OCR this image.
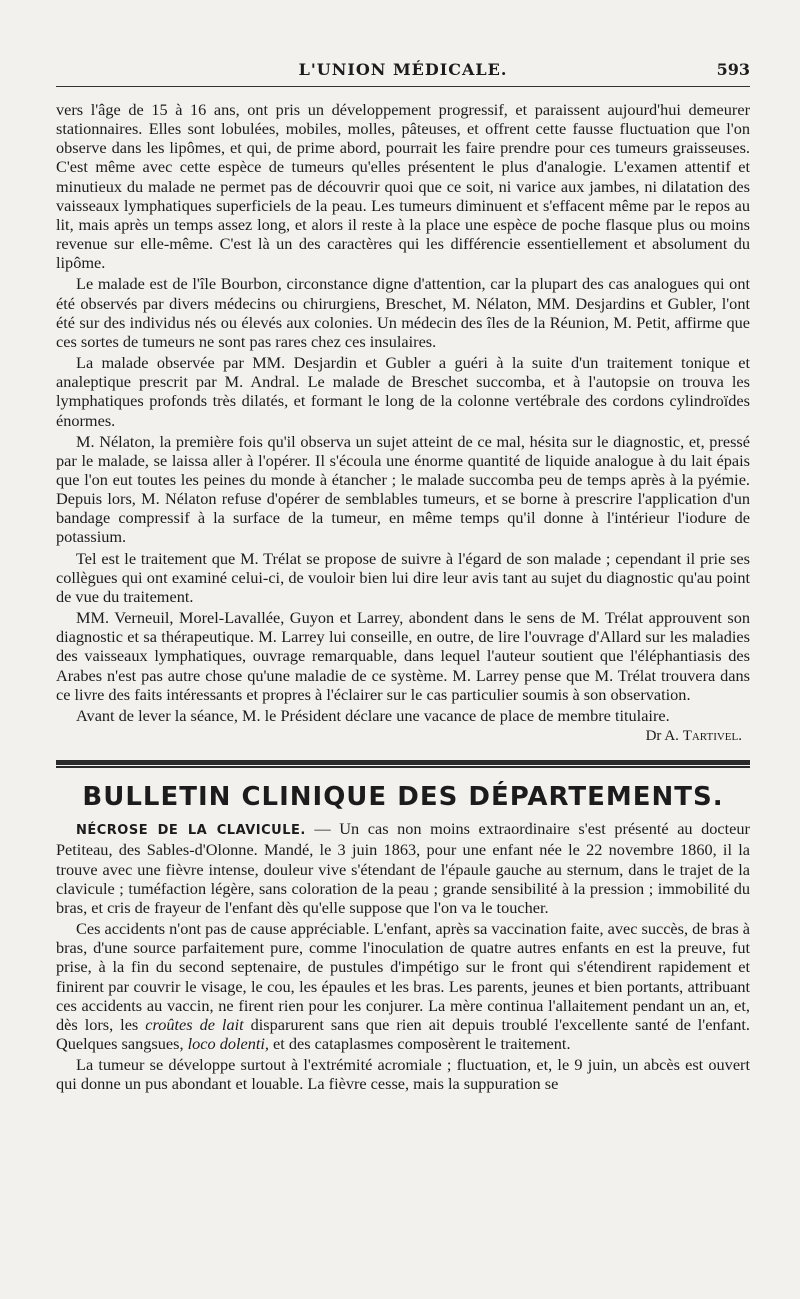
L'UNION MÉDICALE.	593

vers l'âge de 15 à 16 ans, ont pris un développement progressif, et paraissent aujourd'hui demeurer stationnaires. Elles sont lobulées, mobiles, molles, pâteuses, et offrent cette fausse fluctuation que l'on observe dans les lipômes, et qui, de prime abord, pourrait les faire prendre pour ces tumeurs graisseuses. C'est même avec cette espèce de tumeurs qu'elles présentent le plus d'analogie. L'examen attentif et minutieux du malade ne permet pas de découvrir quoi que ce soit, ni varice aux jambes, ni dilatation des vaisseaux lymphatiques superficiels de la peau. Les tumeurs diminuent et s'effacent même par le repos au lit, mais après un temps assez long, et alors il reste à la place une espèce de poche flasque plus ou moins revenue sur elle-même. C'est là un des caractères qui les différencie essentiellement et absolument du lipôme.

Le malade est de l'île Bourbon, circonstance digne d'attention, car la plupart des cas analogues qui ont été observés par divers médecins ou chirurgiens, Breschet, M. Nélaton, MM. Desjardins et Gubler, l'ont été sur des individus nés ou élevés aux colonies. Un médecin des îles de la Réunion, M. Petit, affirme que ces sortes de tumeurs ne sont pas rares chez ces insulaires.

La malade observée par MM. Desjardin et Gubler a guéri à la suite d'un traitement tonique et analeptique prescrit par M. Andral. Le malade de Breschet succomba, et à l'autopsie on trouva les lymphatiques profonds très dilatés, et formant le long de la colonne vertébrale des cordons cylindroïdes énormes.

M. Nélaton, la première fois qu'il observa un sujet atteint de ce mal, hésita sur le diagnostic, et, pressé par le malade, se laissa aller à l'opérer. Il s'écoula une énorme quantité de liquide analogue à du lait épais que l'on eut toutes les peines du monde à étancher ; le malade succomba peu de temps après à la pyémie. Depuis lors, M. Nélaton refuse d'opérer de semblables tumeurs, et se borne à prescrire l'application d'un bandage compressif à la surface de la tumeur, en même temps qu'il donne à l'intérieur l'iodure de potassium.

Tel est le traitement que M. Trélat se propose de suivre à l'égard de son malade ; cependant il prie ses collègues qui ont examiné celui-ci, de vouloir bien lui dire leur avis tant au sujet du diagnostic qu'au point de vue du traitement.

MM. Verneuil, Morel-Lavallée, Guyon et Larrey, abondent dans le sens de M. Trélat approuvent son diagnostic et sa thérapeutique. M. Larrey lui conseille, en outre, de lire l'ouvrage d'Allard sur les maladies des vaisseaux lymphatiques, ouvrage remarquable, dans lequel l'auteur soutient que l'éléphantiasis des Arabes n'est pas autre chose qu'une maladie de ce système. M. Larrey pense que M. Trélat trouvera dans ce livre des faits intéressants et propres à l'éclairer sur le cas particulier soumis à son observation.

Avant de lever la séance, M. le Président déclare une vacance de place de membre titulaire.

Dr A. Tartivel.
BULLETIN CLINIQUE DES DÉPARTEMENTS.

NÉCROSE DE LA CLAVICULE. — Un cas non moins extraordinaire s'est présenté au docteur Petiteau, des Sables-d'Olonne. Mandé, le 3 juin 1863, pour une enfant née le 22 novembre 1860, il la trouve avec une fièvre intense, douleur vive s'étendant de l'épaule gauche au sternum, dans le trajet de la clavicule ; tuméfaction légère, sans coloration de la peau ; grande sensibilité à la pression ; immobilité du bras, et cris de frayeur de l'enfant dès qu'elle suppose que l'on va le toucher.

Ces accidents n'ont pas de cause appréciable. L'enfant, après sa vaccination faite, avec succès, de bras à bras, d'une source parfaitement pure, comme l'inoculation de quatre autres enfants en est la preuve, fut prise, à la fin du second septenaire, de pustules d'impétigo sur le front qui s'étendirent rapidement et finirent par couvrir le visage, le cou, les épaules et les bras. Les parents, jeunes et bien portants, attribuant ces accidents au vaccin, ne firent rien pour les conjurer. La mère continua l'allaitement pendant un an, et, dès lors, les croûtes de lait disparurent sans que rien ait depuis troublé l'excellente santé de l'enfant. Quelques sangsues, loco dolenti, et des cataplasmes composèrent le traitement.

La tumeur se développe surtout à l'extrémité acromiale ; fluctuation, et, le 9 juin, un abcès est ouvert qui donne un pus abondant et louable. La fièvre cesse, mais la suppuration se
